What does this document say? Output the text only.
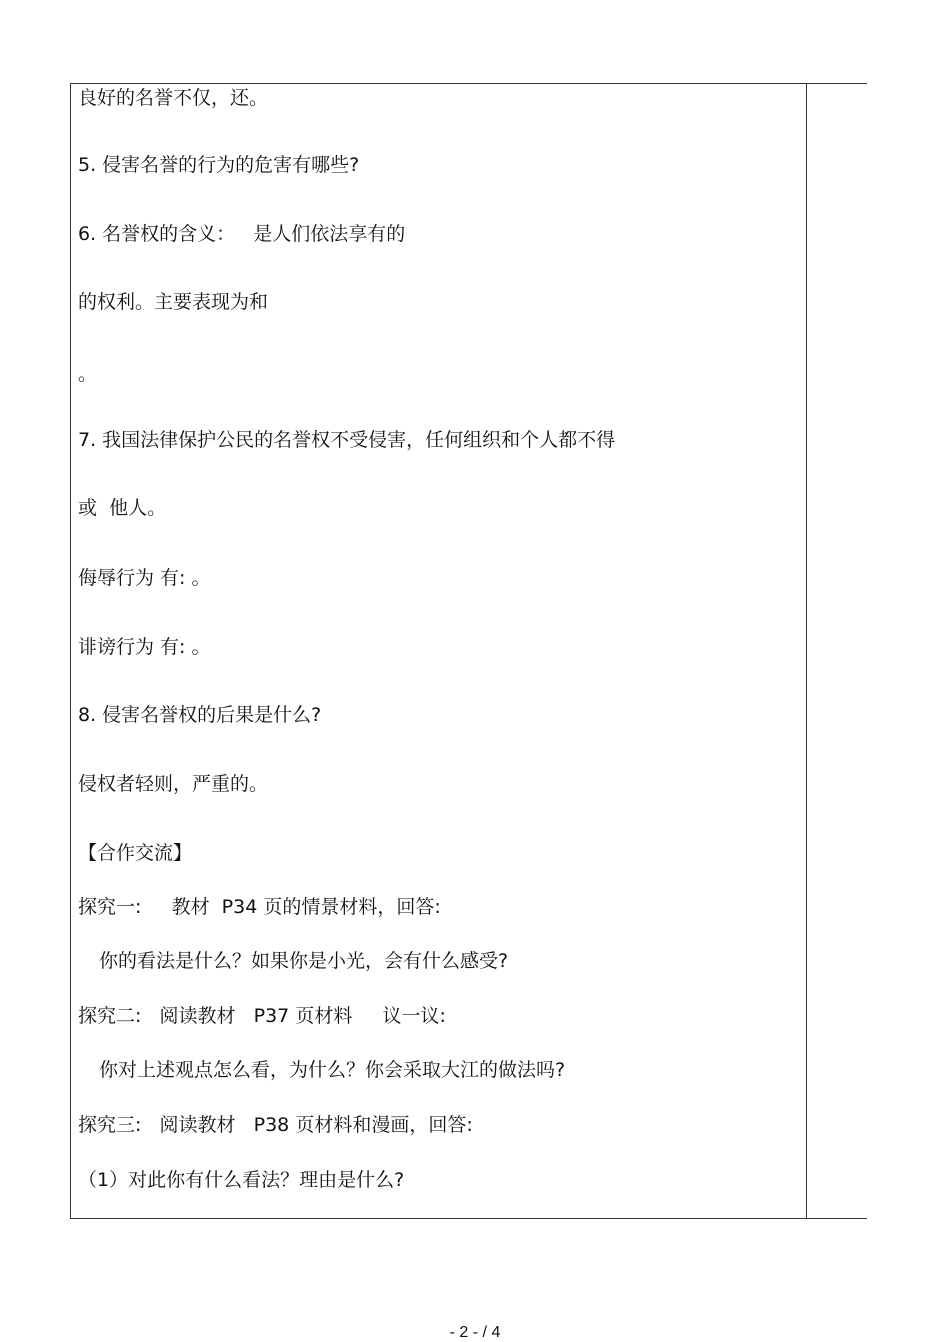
良好的名誉不仅，还。
5. 侵害名誉的行为的危害有哪些?
6. 名誉权的含义：   是人们依法享有的
的权利。主要表现为和
。
7. 我国法律保护公民的名誉权不受侵害，任何组织和个人都不得
或  他人。
侮辱行为 有: 。
诽谤行为 有: 。
8. 侵害名誉权的后果是什么?
侵权者轻则，严重的。
【合作交流】
探究一:     教材  P34 页的情景材料，回答:
你的看法是什么？如果你是小光，会有什么感受?
探究二:   阅读教材   P37 页材料     议一议:
你对上述观点怎么看，为什么？你会采取大江的做法吗?
探究三:   阅读教材   P38 页材料和漫画，回答:
（1）对此你有什么看法？理由是什么?
- 2 - / 4
